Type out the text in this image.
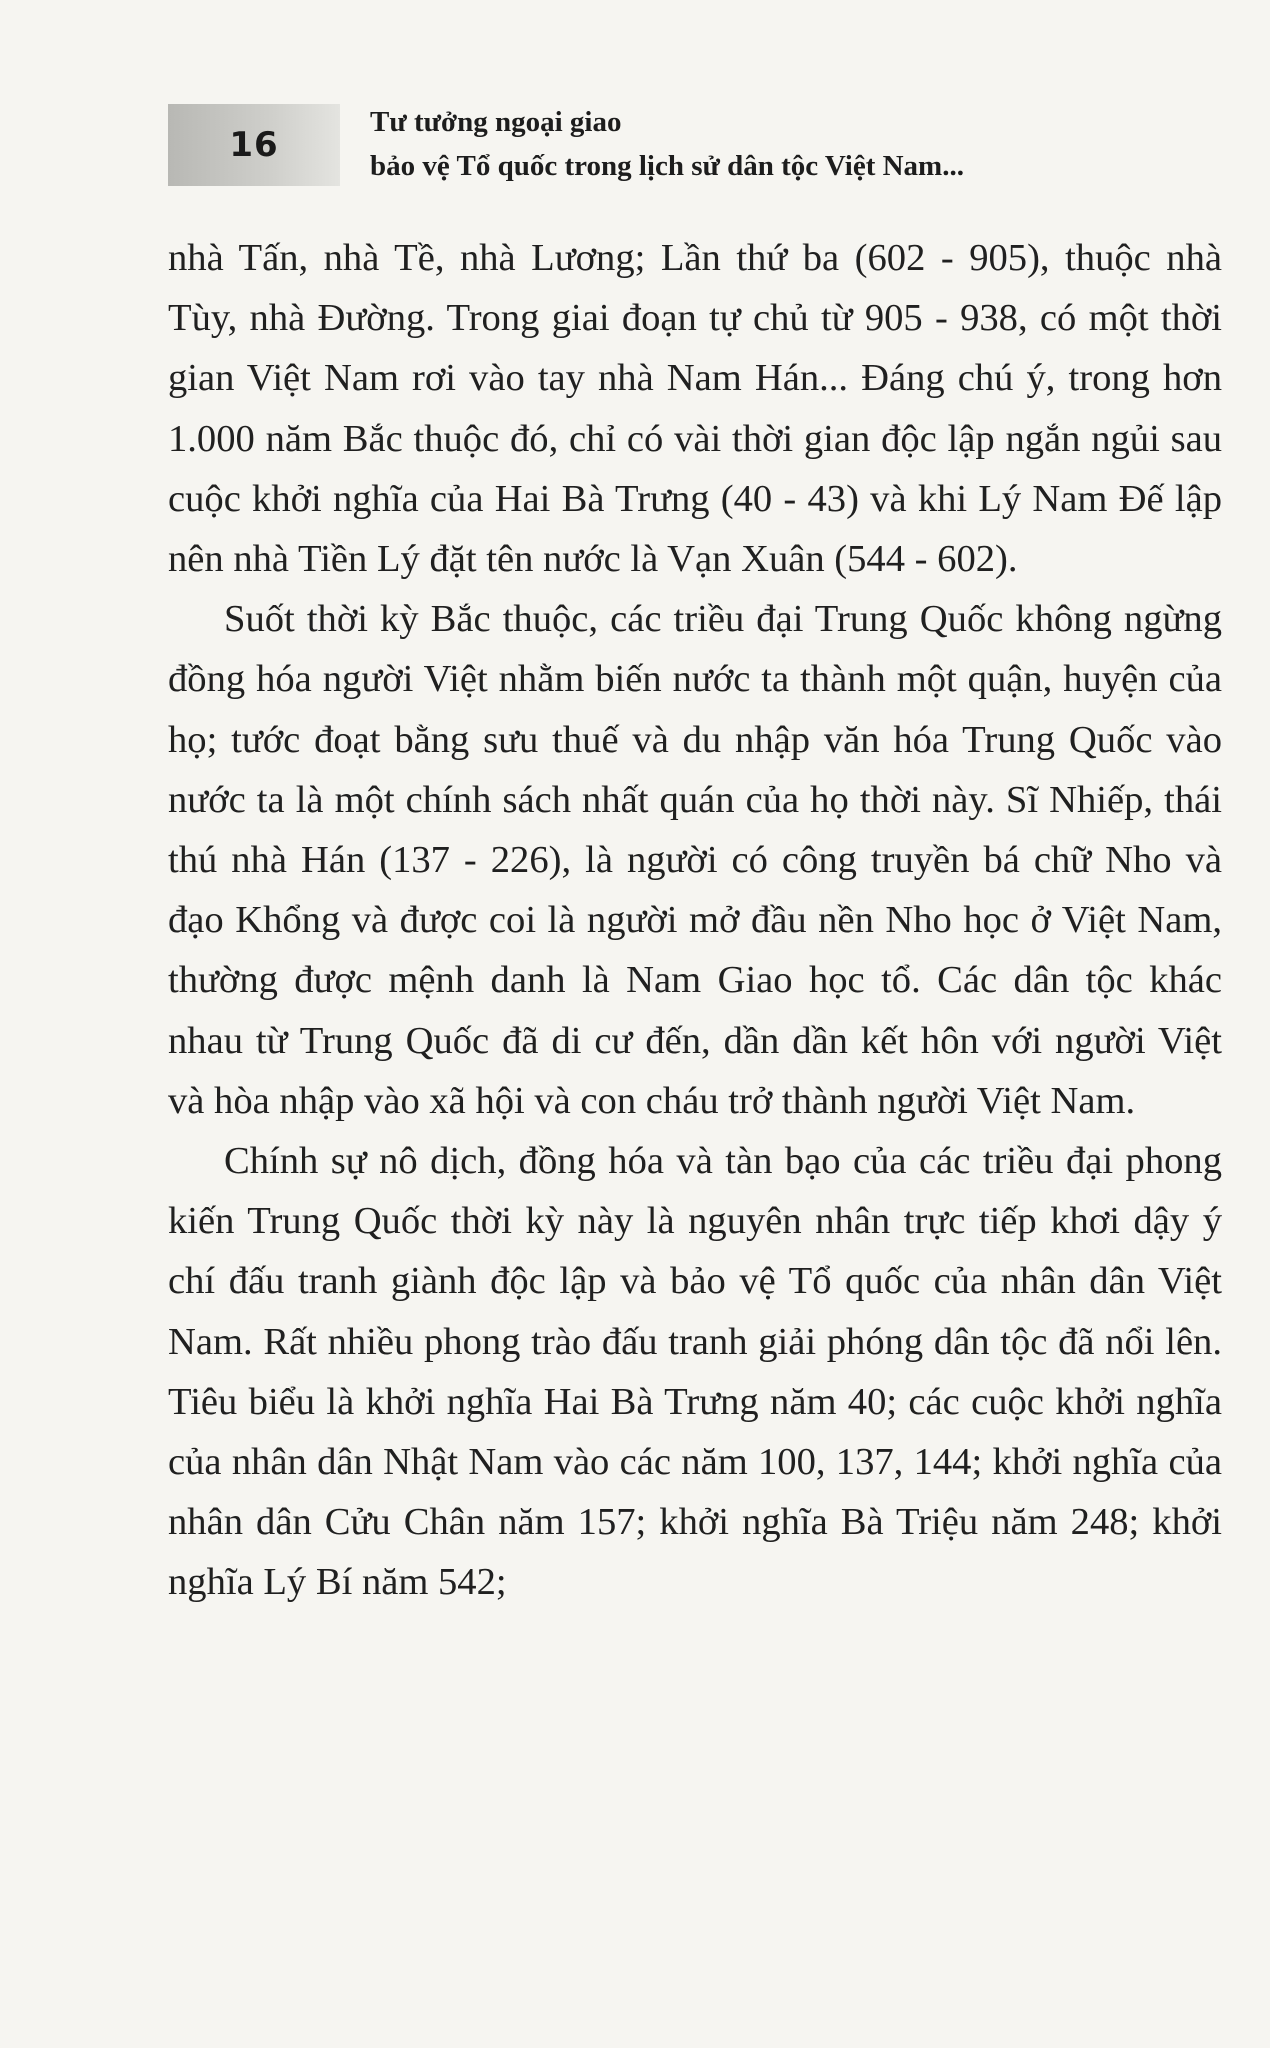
16
Tư tưởng ngoại giao
bảo vệ Tổ quốc trong lịch sử dân tộc Việt Nam...

nhà Tấn, nhà Tề, nhà Lương; Lần thứ ba (602 - 905), thuộc nhà Tùy, nhà Đường. Trong giai đoạn tự chủ từ 905 - 938, có một thời gian Việt Nam rơi vào tay nhà Nam Hán... Đáng chú ý, trong hơn 1.000 năm Bắc thuộc đó, chỉ có vài thời gian độc lập ngắn ngủi sau cuộc khởi nghĩa của Hai Bà Trưng (40 - 43) và khi Lý Nam Đế lập nên nhà Tiền Lý đặt tên nước là Vạn Xuân (544 - 602).

Suốt thời kỳ Bắc thuộc, các triều đại Trung Quốc không ngừng đồng hóa người Việt nhằm biến nước ta thành một quận, huyện của họ; tước đoạt bằng sưu thuế và du nhập văn hóa Trung Quốc vào nước ta là một chính sách nhất quán của họ thời này. Sĩ Nhiếp, thái thú nhà Hán (137 - 226), là người có công truyền bá chữ Nho và đạo Khổng và được coi là người mở đầu nền Nho học ở Việt Nam, thường được mệnh danh là Nam Giao học tổ. Các dân tộc khác nhau từ Trung Quốc đã di cư đến, dần dần kết hôn với người Việt và hòa nhập vào xã hội và con cháu trở thành người Việt Nam.

Chính sự nô dịch, đồng hóa và tàn bạo của các triều đại phong kiến Trung Quốc thời kỳ này là nguyên nhân trực tiếp khơi dậy ý chí đấu tranh giành độc lập và bảo vệ Tổ quốc của nhân dân Việt Nam. Rất nhiều phong trào đấu tranh giải phóng dân tộc đã nổi lên. Tiêu biểu là khởi nghĩa Hai Bà Trưng năm 40; các cuộc khởi nghĩa của nhân dân Nhật Nam vào các năm 100, 137, 144; khởi nghĩa của nhân dân Cửu Chân năm 157; khởi nghĩa Bà Triệu năm 248; khởi nghĩa Lý Bí năm 542;
